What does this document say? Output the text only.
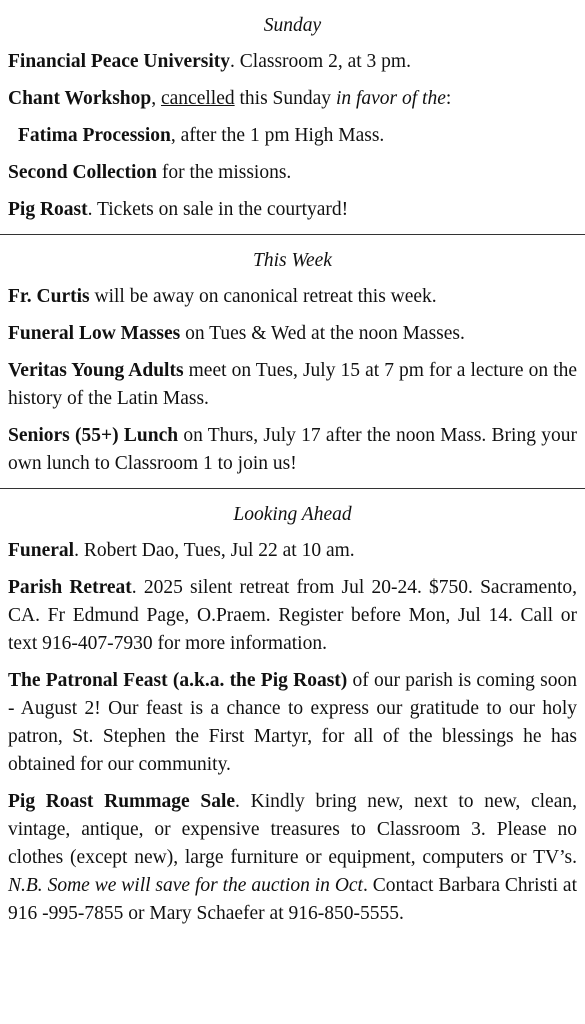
Sunday

Financial Peace University. Classroom 2, at 3 pm.

Chant Workshop, cancelled this Sunday in favor of the:

Fatima Procession, after the 1 pm High Mass.

Second Collection for the missions.

Pig Roast. Tickets on sale in the courtyard!

This Week

Fr. Curtis will be away on canonical retreat this week.

Funeral Low Masses on Tues & Wed at the noon Masses.

Veritas Young Adults meet on Tues, July 15 at 7 pm for a lecture on the history of the Latin Mass.

Seniors (55+) Lunch on Thurs, July 17 after the noon Mass. Bring your own lunch to Classroom 1 to join us!

Looking Ahead

Funeral. Robert Dao, Tues, Jul 22 at 10 am.

Parish Retreat. 2025 silent retreat from Jul 20-24. $750. Sacramento, CA. Fr Edmund Page, O.Praem. Register before Mon, Jul 14. Call or text 916-407-7930 for more information.

The Patronal Feast (a.k.a. the Pig Roast) of our parish is coming soon - August 2! Our feast is a chance to express our gratitude to our holy patron, St. Stephen the First Martyr, for all of the blessings he has obtained for our community.

Pig Roast Rummage Sale. Kindly bring new, next to new, clean, vintage, antique, or expensive treasures to Classroom 3. Please no clothes (except new), large furniture or equipment, computers or TV’s. N.B. Some we will save for the auction in Oct. Contact Barbara Christi at 916 -995-7855 or Mary Schaefer at 916-850-5555.
